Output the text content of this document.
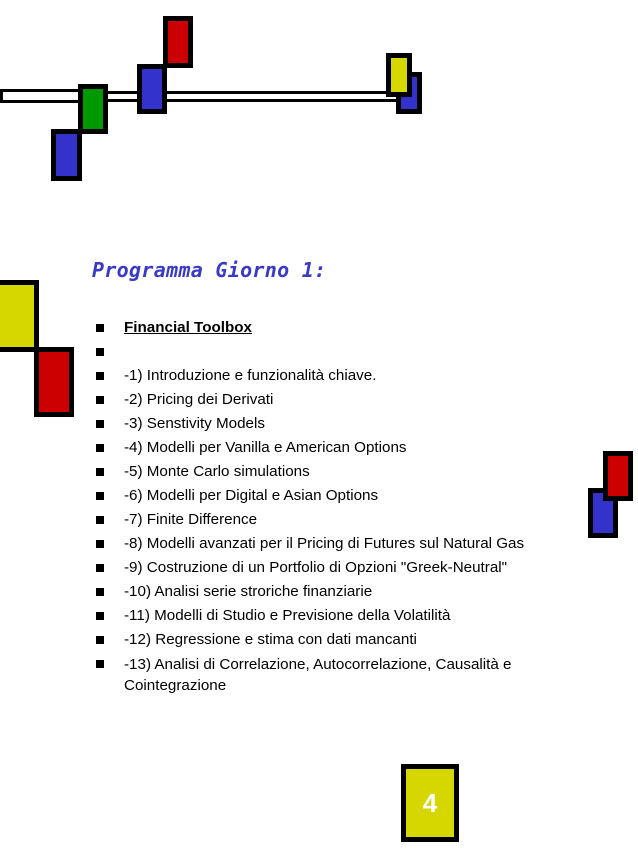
Programma Giorno 1:
Financial Toolbox
-1) Introduzione e funzionalità chiave.
-2) Pricing dei Derivati
-3) Senstivity Models
-4) Modelli per Vanilla e American Options
-5) Monte Carlo simulations
-6) Modelli per Digital e Asian Options
-7) Finite Difference
-8) Modelli avanzati per il Pricing di Futures sul Natural Gas
-9) Costruzione di un Portfolio di Opzioni "Greek-Neutral"
-10) Analisi serie stroriche finanziarie
-11) Modelli di Studio e Previsione della Volatilità
-12) Regressione e stima con dati mancanti
-13) Analisi di Correlazione, Autocorrelazione, Causalità e Cointegrazione
4
